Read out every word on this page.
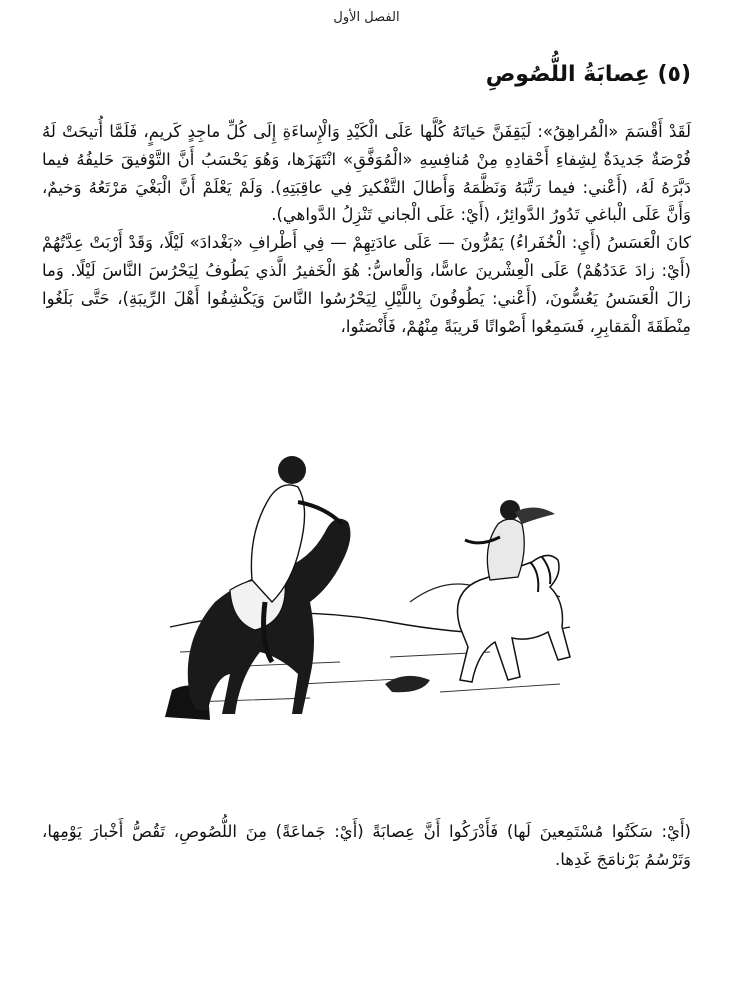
الفصل الأول
(٥) عِصابَةُ اللُّصُوصِ

لَقَدْ أَقْسَمَ «الْمُراهِقُ»: لَيَقِفَنَّ حَياتَهُ كُلَّها عَلَى الْكَيْدِ وَالْإِساءَةِ إِلَى كُلِّ ماجِدٍ كَريمٍ، فَلَمَّا أُتيحَتْ لَهُ فُرْصَةٌ جَديدَةٌ لِشِفاءِ أَحْقادِهِ مِنْ مُنافِسِهِ «الْمُوَفَّقِ» انْتَهَزَها، وَهُوَ يَحْسَبُ أَنَّ التَّوْفيقَ حَليفُهُ فيما دَبَّرَهُ لَهُ، (أَعْني: فيما رَتَّبَهُ وَنَظَّمَهُ وَأَطالَ التَّفْكيرَ فِي عاقِبَتِهِ). وَلَمْ يَعْلَمْ أَنَّ الْبَغْيَ مَرْتَعُهُ وَخيمٌ، وَأَنَّ عَلَى الْباغي تَدُورُ الدَّوائِرُ، (أَيْ: عَلَى الْجاني تَنْزِلُ الدَّواهي).

كانَ الْعَسَسُ (أَيِ: الْخُفَراءُ) يَمُرُّونَ — عَلَى عادَتِهِمْ — فِي أَطْرافِ «بَغْدادَ» لَيْلًا، وَقَدْ أَرْبَتْ عِدَّتُهُمْ (أَيْ: زادَ عَدَدُهُمْ) عَلَى الْعِشْرينَ عاسًّا، وَالْعاسُّ: هُوَ الْخَفيرُ الَّذي يَطُوفُ لِيَحْرُسَ النَّاسَ لَيْلًا. وَما زالَ الْعَسَسُ يَعُسُّونَ، (أَعْني: يَطُوفُونَ بِاللَّيْلِ لِيَحْرُسُوا النَّاسَ وَيَكْشِفُوا أَهْلَ الرِّيبَةِ)، حَتَّى بَلَغُوا مِنْطَقَةَ الْمَقابِرِ، فَسَمِعُوا أَصْواتًا قَريبَةً مِنْهُمْ، فَأَنْصَتُوا،

(أَيْ: سَكَتُوا مُسْتَمِعينَ لَها) فَأَدْرَكُوا أَنَّ عِصابَةً (أَيْ: جَماعَةً) مِنَ اللُّصُوصِ، تَقُصُّ أَخْبارَ يَوْمِها، وَتَرْسُمُ بَرْنامَجَ غَدِها.
